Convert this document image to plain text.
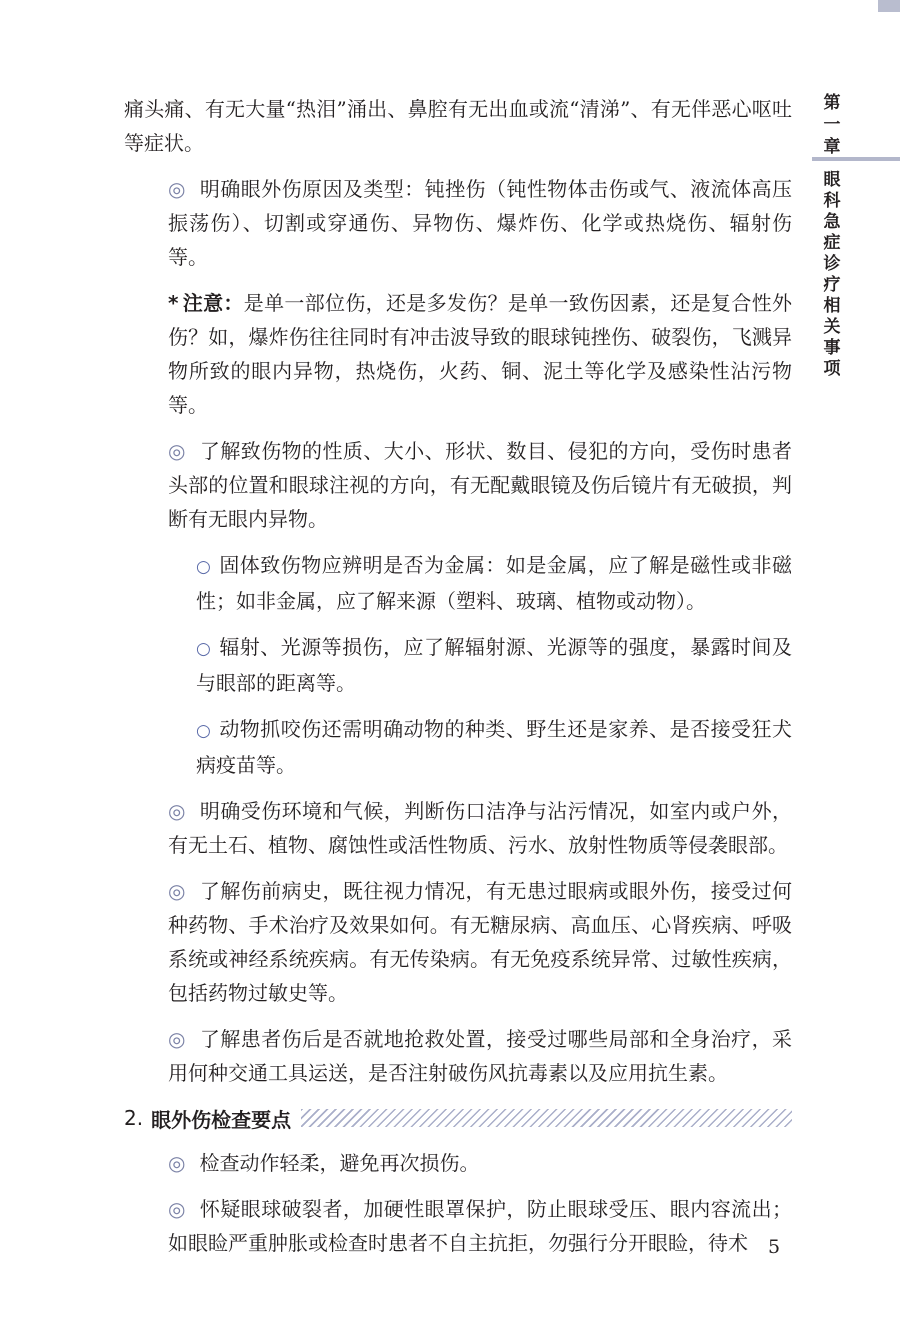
第
一
章
眼
科
急
症
诊
疗
相
关
事
项

痛头痛、有无大量“热泪”涌出、鼻腔有无出血或流“清涕”、有无伴恶心呕吐等症状。

◎ 明确眼外伤原因及类型：钝挫伤（钝性物体击伤或气、液流体高压振荡伤）、切割或穿通伤、异物伤、爆炸伤、化学或热烧伤、辐射伤等。

* 注意：是单一部位伤，还是多发伤？是单一致伤因素，还是复合性外伤？如，爆炸伤往往同时有冲击波导致的眼球钝挫伤、破裂伤，飞溅异物所致的眼内异物，热烧伤，火药、铜、泥土等化学及感染性沾污物等。

◎ 了解致伤物的性质、大小、形状、数目、侵犯的方向，受伤时患者头部的位置和眼球注视的方向，有无配戴眼镜及伤后镜片有无破损，判断有无眼内异物。

○ 固体致伤物应辨明是否为金属：如是金属，应了解是磁性或非磁性；如非金属，应了解来源（塑料、玻璃、植物或动物）。

○ 辐射、光源等损伤，应了解辐射源、光源等的强度，暴露时间及与眼部的距离等。

○ 动物抓咬伤还需明确动物的种类、野生还是家养、是否接受狂犬病疫苗等。

◎ 明确受伤环境和气候，判断伤口洁净与沾污情况，如室内或户外，有无土石、植物、腐蚀性或活性物质、污水、放射性物质等侵袭眼部。

◎ 了解伤前病史，既往视力情况，有无患过眼病或眼外伤，接受过何种药物、手术治疗及效果如何。有无糖尿病、高血压、心肾疾病、呼吸系统或神经系统疾病。有无传染病。有无免疫系统异常、过敏性疾病，包括药物过敏史等。

◎ 了解患者伤后是否就地抢救处置，接受过哪些局部和全身治疗，采用何种交通工具运送，是否注射破伤风抗毒素以及应用抗生素。

2. 眼外伤检查要点

◎ 检查动作轻柔，避免再次损伤。

◎ 怀疑眼球破裂者，加硬性眼罩保护，防止眼球受压、眼内容流出；如眼睑严重肿胀或检查时患者不自主抗拒，勿强行分开眼睑，待术	5
